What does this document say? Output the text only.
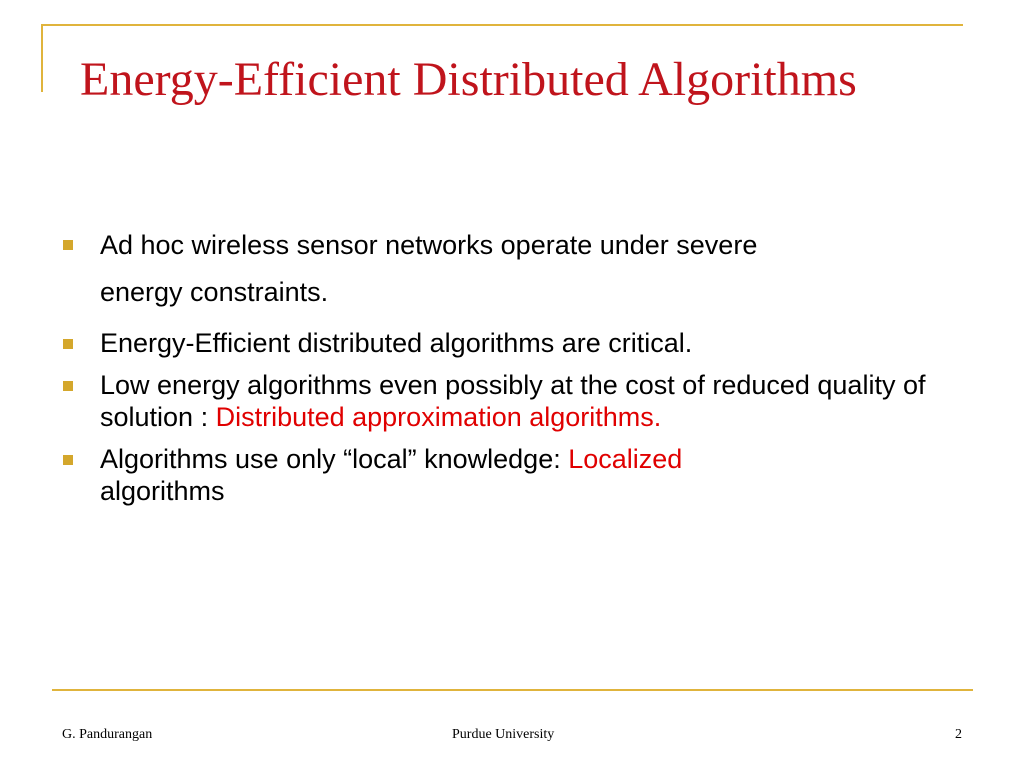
Energy-Efficient Distributed Algorithms
Ad hoc wireless sensor networks operate under severe
energy constraints.
Energy-Efficient distributed algorithms are critical.
Low energy algorithms even possibly at the cost of reduced quality of solution : Distributed approximation algorithms.
Algorithms use only “local” knowledge: Localized
algorithms
G. Pandurangan	Purdue University	2
